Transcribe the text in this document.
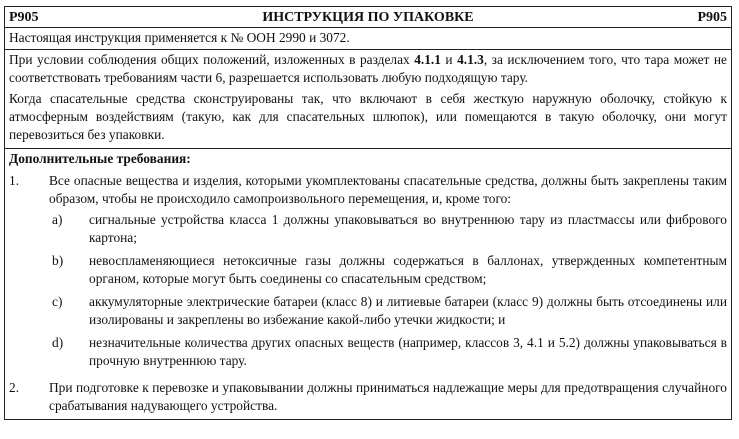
P905	ИНСТРУКЦИЯ ПО УПАКОВКЕ	P905
Настоящая инструкция применяется к № ООН 2990 и 3072.
При условии соблюдения общих положений, изложенных в разделах 4.1.1 и 4.1.3, за исключением того, что тара может не соответствовать требованиям части 6, разрешается использовать любую подходящую тару.
Когда спасательные средства сконструированы так, что включают в себя жесткую наружную оболочку, стойкую к атмосферным воздействиям (такую, как для спасательных шлюпок), или помещаются в такую оболочку, они могут перевозиться без упаковки.
Дополнительные требования:
1.	Все опасные вещества и изделия, которыми укомплектованы спасательные средства, должны быть закреплены таким образом, чтобы не происходило самопроизвольного перемещения, и, кроме того:
a)	сигнальные устройства класса 1 должны упаковываться во внутреннюю тару из пластмассы или фибрового картона;
b)	невоспламеняющиеся нетоксичные газы должны содержаться в баллонах, утвержденных компетентным органом, которые могут быть соединены со спасательным средством;
c)	аккумуляторные электрические батареи (класс 8) и литиевые батареи (класс 9) должны быть отсоединены или изолированы и закреплены во избежание какой-либо утечки жидкости; и
d)	незначительные количества других опасных веществ (например, классов 3, 4.1 и 5.2) должны упаковываться в прочную внутреннюю тару.
2.	При подготовке к перевозке и упаковывании должны приниматься надлежащие меры для предотвращения случайного срабатывания надувающего устройства.
